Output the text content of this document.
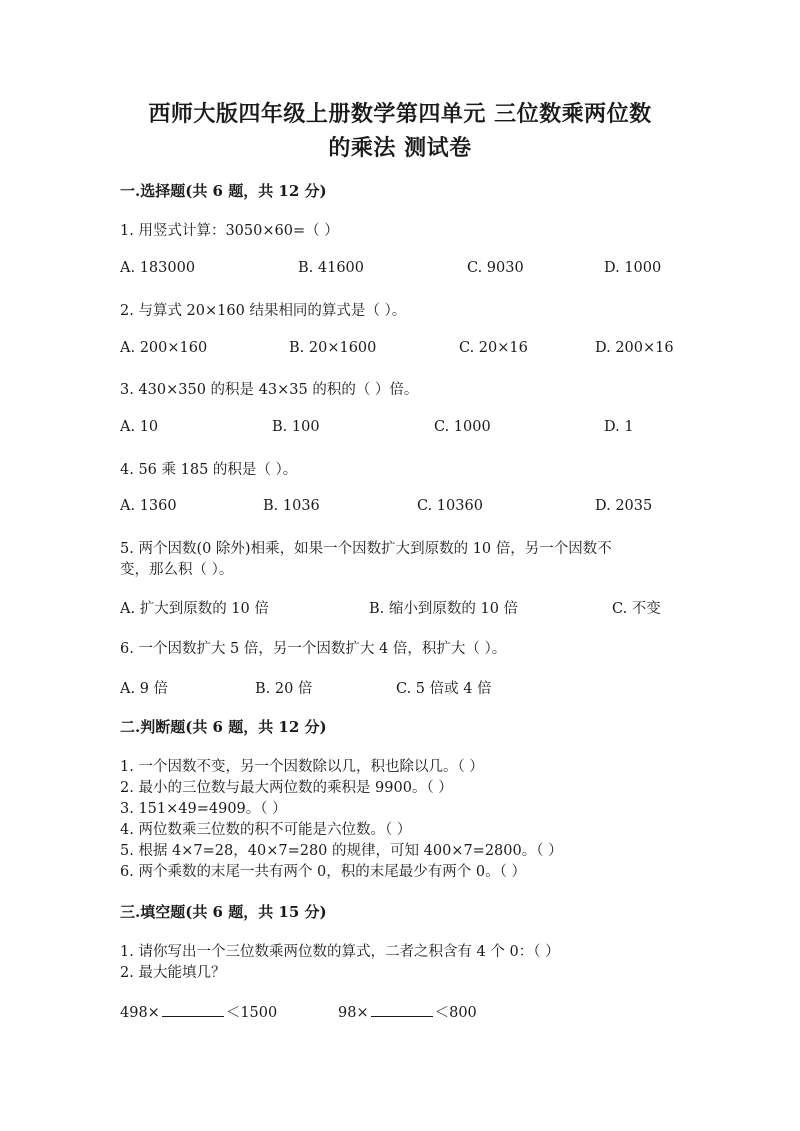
西师大版四年级上册数学第四单元 三位数乘两位数
的乘法 测试卷
一.选择题(共 6 题，共 12 分)
1. 用竖式计算：3050×60=（ ）
A. 183000	B. 41600	C. 9030	D. 1000
2. 与算式 20×160 结果相同的算式是（ ）。
A. 200×160	B. 20×1600	C. 20×16	D. 200×16
3. 430×350 的积是 43×35 的积的（ ）倍。
A. 10	B. 100	C. 1000	D. 1
4. 56 乘 185 的积是（ ）。
A. 1360	B. 1036	C. 10360	D. 2035
5. 两个因数(0 除外)相乘，如果一个因数扩大到原数的 10 倍，另一个因数不
变，那么积（ ）。
A. 扩大到原数的 10 倍	B. 缩小到原数的 10 倍	C. 不变
6. 一个因数扩大 5 倍，另一个因数扩大 4 倍，积扩大（ ）。
A. 9 倍	B. 20 倍	C. 5 倍或 4 倍
二.判断题(共 6 题，共 12 分)
1. 一个因数不变，另一个因数除以几，积也除以几。（ ）
2. 最小的三位数与最大两位数的乘积是 9900。（ ）
3. 151×49=4909。（ ）
4. 两位数乘三位数的积不可能是六位数。（ ）
5. 根据 4×7=28，40×7=280 的规律，可知 400×7=2800。（ ）
6. 两个乘数的末尾一共有两个 0，积的末尾最少有两个 0。（ ）
三.填空题(共 6 题，共 15 分)
1. 请你写出一个三位数乘两位数的算式，二者之积含有 4 个 0：（ ）
2. 最大能填几？
498×	＜1500	98×	＜800
